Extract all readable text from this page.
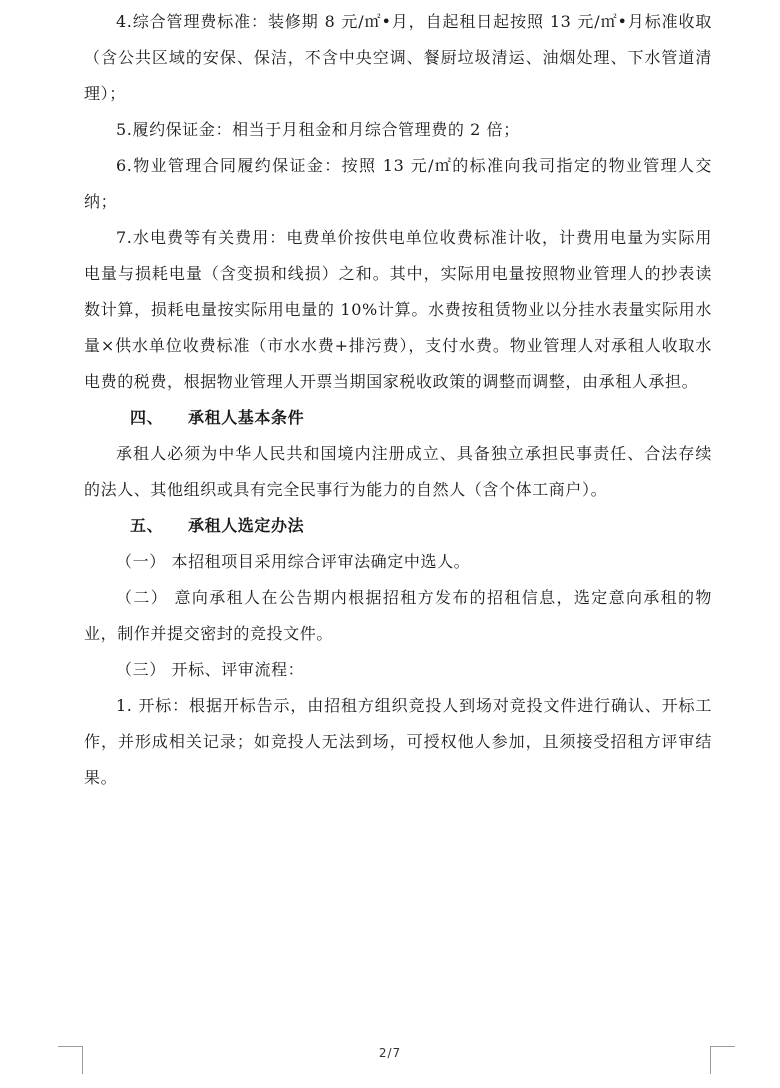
4.综合管理费标准：装修期 8 元/㎡•月，自起租日起按照 13 元/㎡•月标准收取（含公共区域的安保、保洁，不含中央空调、餐厨垃圾清运、油烟处理、下水管道清理）；

5.履约保证金：相当于月租金和月综合管理费的 2 倍；

6.物业管理合同履约保证金：按照 13 元/㎡的标准向我司指定的物业管理人交纳；

7.水电费等有关费用：电费单价按供电单位收费标准计收，计费用电量为实际用电量与损耗电量（含变损和线损）之和。其中，实际用电量按照物业管理人的抄表读数计算，损耗电量按实际用电量的 10%计算。水费按租赁物业以分挂水表量实际用水量×供水单位收费标准（市水水费+排污费），支付水费。物业管理人对承租人收取水电费的税费，根据物业管理人开票当期国家税收政策的调整而调整，由承租人承担。

四、 承租人基本条件

承租人必须为中华人民共和国境内注册成立、具备独立承担民事责任、合法存续的法人、其他组织或具有完全民事行为能力的自然人（含个体工商户）。

五、 承租人选定办法

（一） 本招租项目采用综合评审法确定中选人。

（二） 意向承租人在公告期内根据招租方发布的招租信息，选定意向承租的物业，制作并提交密封的竞投文件。

（三） 开标、评审流程：

1. 开标：根据开标告示，由招租方组织竞投人到场对竞投文件进行确认、开标工作，并形成相关记录；如竞投人无法到场，可授权他人参加，且须接受招租方评审结果。

2/7
